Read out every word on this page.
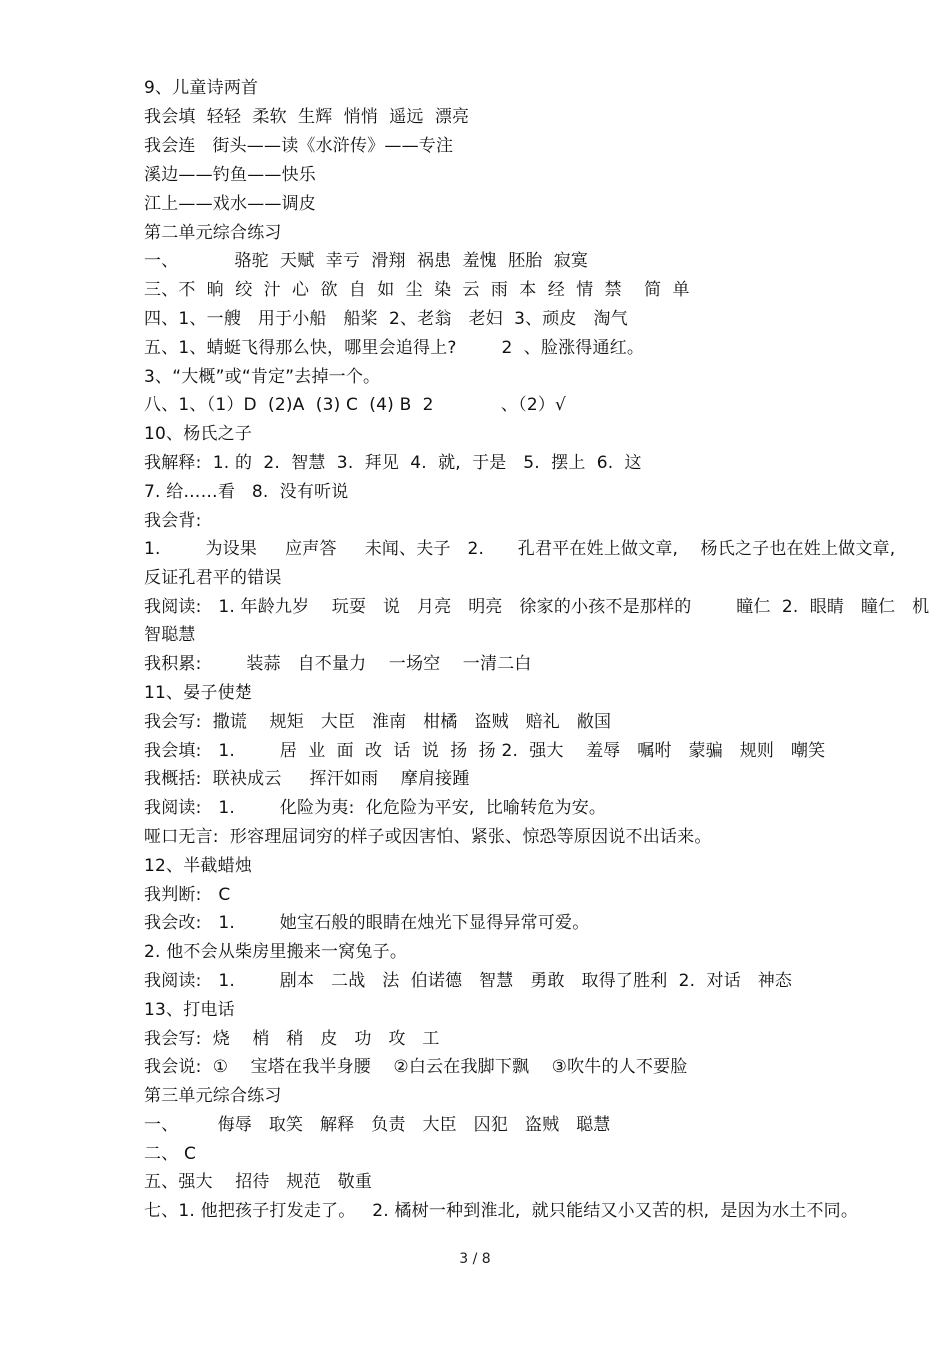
9、儿童诗两首
我会填  轻轻  柔软  生辉  悄悄  遥远  漂亮
我会连   街头——读《水浒传》——专注
溪边——钓鱼——快乐
江上——戏水——调皮
第二单元综合练习
一、          骆驼  天赋  幸亏  滑翔  祸患  羞愧  胚胎  寂寞
三、不  晌  绞  汁  心  欲  自  如  尘  染  云  雨  本  经  情  禁    简  单
四、1、一艘   用于小船   船桨  2、老翁   老妇  3、顽皮   淘气
五、1、蜻蜓飞得那么快，哪里会追得上?        2  、脸涨得通红。
3、“大概”或“肯定”去掉一个。
八、1、（1）D  (2)A  (3) C  (4) B  2            、（2）√
10、杨氏之子
我解释:  1. 的  2.  智慧  3.  拜见  4.  就,  于是   5.  摆上  6.  这
7. 给……看   8.  没有听说
我会背:
1.        为设果     应声答     未闻、夫子   2.      孔君平在姓上做文章,    杨氏之子也在姓上做文章,
反证孔君平的错误
我阅读:   1. 年龄九岁    玩耍   说   月亮   明亮   徐家的小孩不是那样的        瞳仁  2.  眼睛   瞳仁   机
智聪慧
我积累:        装蒜   自不量力    一场空    一清二白
11、晏子使楚
我会写:  撒谎    规矩   大臣   淮南   柑橘   盗贼   赔礼   敝国
我会填:   1.        居  业  面  改  话  说  扬  扬 2.  强大    羞辱   嘱咐   蒙骗   规则   嘲笑
我概括:  联袂成云     挥汗如雨    摩肩接踵
我阅读:   1.        化险为夷:  化危险为平安,  比喻转危为安。
哑口无言:  形容理屈词穷的样子或因害怕、紧张、惊恐等原因说不出话来。
12、半截蜡烛
我判断:   C
我会改:   1.        她宝石般的眼睛在烛光下显得异常可爱。
2. 他不会从柴房里搬来一窝兔子。
我阅读:   1.        剧本   二战   法  伯诺德   智慧   勇敢   取得了胜利  2.  对话   神态
13、打电话
我会写:  烧    梢   稍   皮   功   攻   工
我会说:  ①    宝塔在我半身腰    ②白云在我脚下飘    ③吹牛的人不要脸
第三单元综合练习
一、       侮辱   取笑   解释   负责   大臣   囚犯   盗贼   聪慧
二、 C
五、强大    招待   规范   敬重
七、1. 他把孩子打发走了。   2. 橘树一种到淮北,  就只能结又小又苦的枳,  是因为水土不同。
3 / 8
